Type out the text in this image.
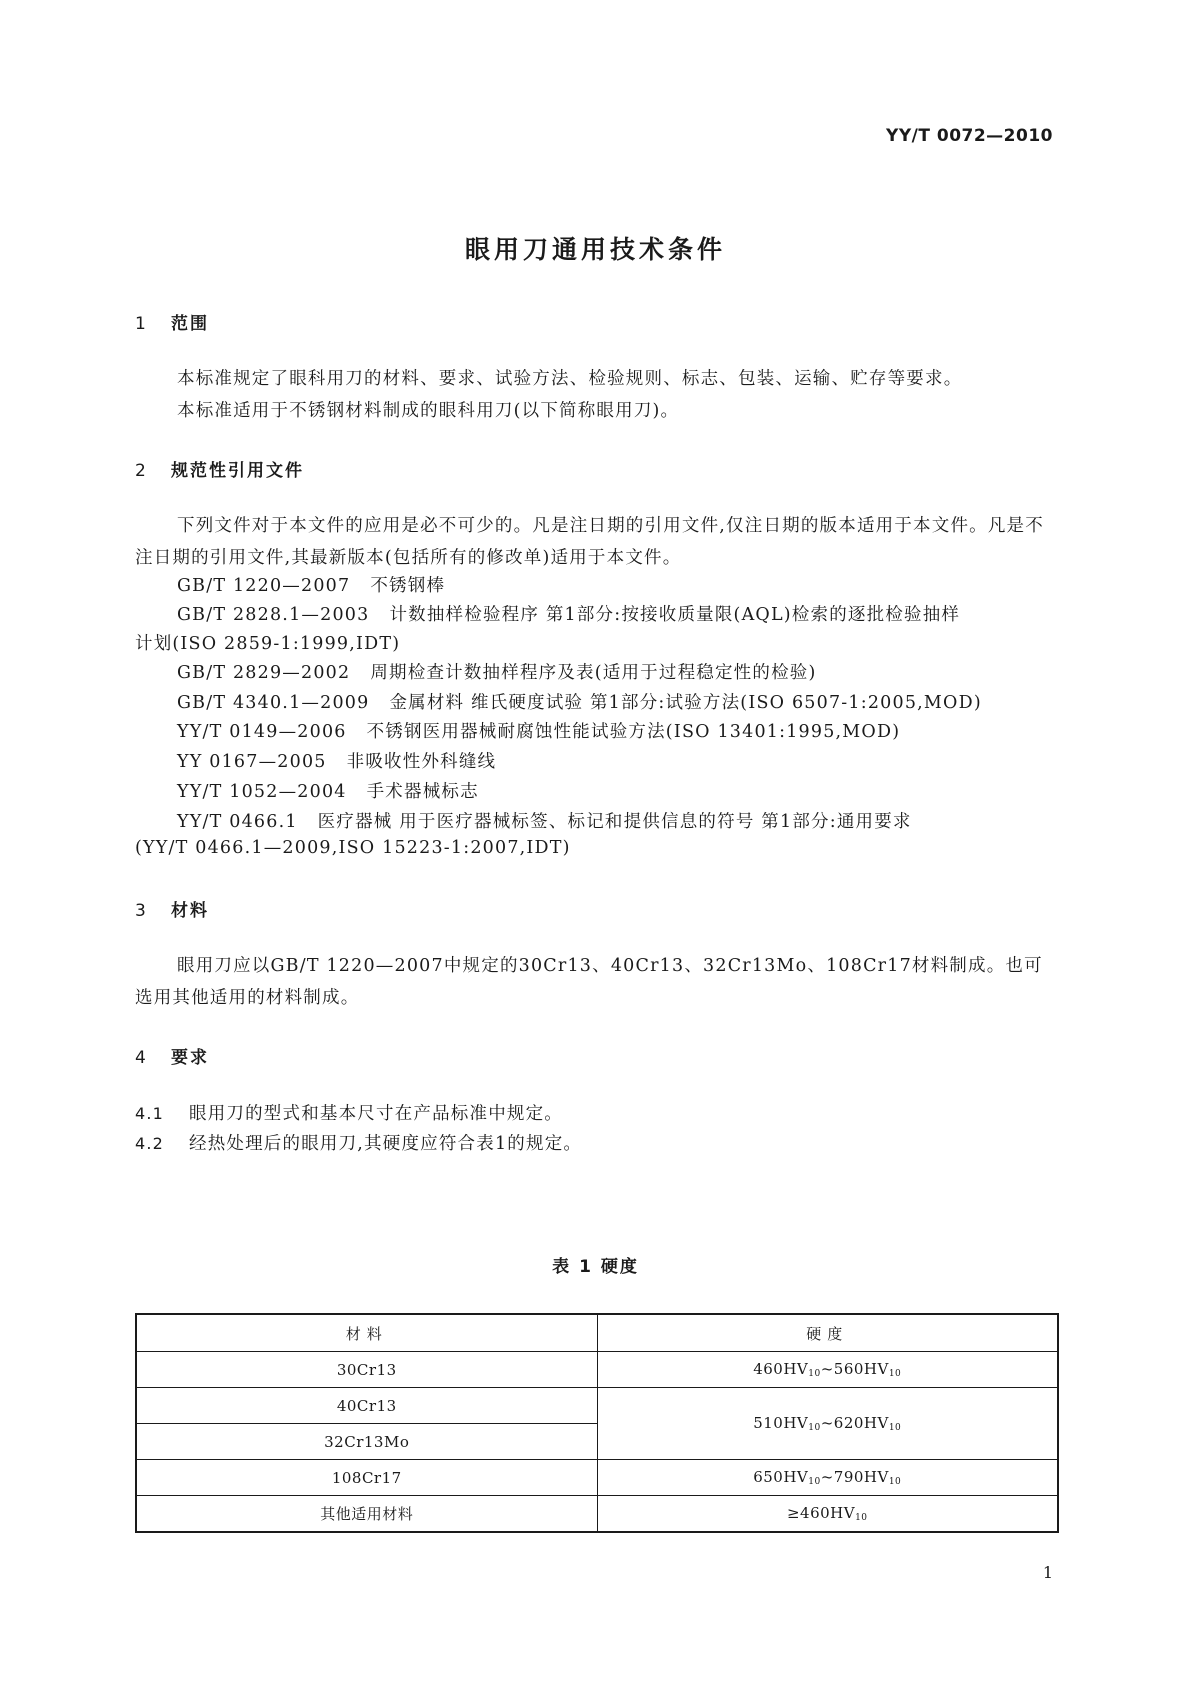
YY/T 0072—2010
眼用刀通用技术条件
1 范围
本标准规定了眼科用刀的材料、要求、试验方法、检验规则、标志、包装、运输、贮存等要求。
本标准适用于不锈钢材料制成的眼科用刀(以下简称眼用刀)。
2 规范性引用文件
下列文件对于本文件的应用是必不可少的。凡是注日期的引用文件,仅注日期的版本适用于本文件。凡是不注日期的引用文件,其最新版本(包括所有的修改单)适用于本文件。
GB/T 1220—2007 不锈钢棒
GB/T 2828.1—2003 计数抽样检验程序 第1部分:按接收质量限(AQL)检索的逐批检验抽样
计划(ISO 2859-1:1999,IDT)
GB/T 2829—2002 周期检查计数抽样程序及表(适用于过程稳定性的检验)
GB/T 4340.1—2009 金属材料 维氏硬度试验 第1部分:试验方法(ISO 6507-1:2005,MOD)
YY/T 0149—2006 不锈钢医用器械耐腐蚀性能试验方法(ISO 13401:1995,MOD)
YY 0167—2005 非吸收性外科缝线
YY/T 1052—2004 手术器械标志
YY/T 0466.1 医疗器械 用于医疗器械标签、标记和提供信息的符号 第1部分:通用要求
(YY/T 0466.1—2009,ISO 15223-1:2007,IDT)
3 材料
眼用刀应以GB/T 1220—2007中规定的30Cr13、40Cr13、32Cr13Mo、108Cr17材料制成。也可选用其他适用的材料制成。
4 要求
4.1 眼用刀的型式和基本尺寸在产品标准中规定。
4.2 经热处理后的眼用刀,其硬度应符合表1的规定。
表 1 硬度
材料	硬度
30Cr13	$460HV_{10}\sim 560HV_{10}$
40Cr13	$510HV_{10}\sim 620HV_{10}$
32Cr13Mo	
108Cr17	$650HV_{10}\sim 790HV_{10}$
其他适用材料	$\ge 460HV_{10}$
1
